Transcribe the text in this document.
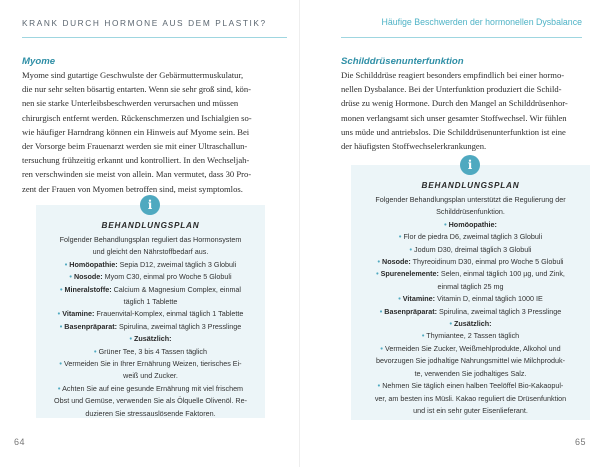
KRANK DURCH HORMONE AUS DEM PLASTIK?
Myome
Myome sind gutartige Geschwulste der Gebärmuttermuskulatur,
die nur sehr selten bösartig entarten. Wenn sie sehr groß sind, kön-
nen sie starke Unterleibsbeschwerden verursachen und müssen
chirurgisch entfernt werden. Rückenschmerzen und Ischialgien so-
wie häufiger Harndrang können ein Hinweis auf Myome sein. Bei
der Vorsorge beim Frauenarzt werden sie mit einer Ultraschallun-
tersuchung frühzeitig erkannt und kontrolliert. In den Wechseljah-
ren verschwinden sie meist von allein. Man vermutet, dass 30 Pro-
zent der Frauen von Myomen betroffen sind, meist symptomlos.
i
BEHANDLUNGSPLAN
Folgender Behandlungsplan reguliert das Hormonsystem
und gleicht den Nährstoffbedarf aus.
• Homöopathie: Sepia D12, zweimal täglich 3 Globuli
• Nosode: Myom C30, einmal pro Woche 5 Globuli
• Mineralstoffe: Calcium & Magnesium Complex, einmal
täglich 1 Tablette
• Vitamine: Frauenvital-Komplex, einmal täglich 1 Tablette
• Basenpräparat: Spirulina, zweimal täglich 3 Presslinge
• Zusätzlich:
• Grüner Tee, 3 bis 4 Tassen täglich
• Vermeiden Sie in Ihrer Ernährung Weizen, tierisches Ei-
weiß und Zucker.
• Achten Sie auf eine gesunde Ernährung mit viel frischem
Obst und Gemüse, verwenden Sie als Ölquelle Olivenöl. Re-
duzieren Sie stressauslösende Faktoren.
64
Häufige Beschwerden der hormonellen Dysbalance
Schilddrüsenunterfunktion
Die Schilddrüse reagiert besonders empfindlich bei einer hormo-
nellen Dysbalance. Bei der Unterfunktion produziert die Schild-
drüse zu wenig Hormone. Durch den Mangel an Schilddrüsenhor-
monen verlangsamt sich unser gesamter Stoffwechsel. Wir fühlen
uns müde und antriebslos. Die Schilddrüsenunterfunktion ist eine
der häufigsten Stoffwechselerkrankungen.
i
BEHANDLUNGSPLAN
Folgender Behandlungsplan unterstützt die Regulierung der
Schilddrüsenfunktion.
• Homöopathie:
• Flor de piedra D6, zweimal täglich 3 Globuli
• Jodum D30, dreimal täglich 3 Globuli
• Nosode: Thyreoidinum D30, einmal pro Woche 5 Globuli
• Spurenelemente: Selen, einmal täglich 100 µg, und Zink,
einmal täglich 25 mg
• Vitamine: Vitamin D, einmal täglich 1000 IE
• Basenpräparat: Spirulina, zweimal täglich 3 Presslinge
• Zusätzlich:
• Thymiantee, 2 Tassen täglich
• Vermeiden Sie Zucker, Weißmehlprodukte, Alkohol und
bevorzugen Sie jodhaltige Nahrungsmittel wie Milchproduk-
te, verwenden Sie jodhaltiges Salz.
• Nehmen Sie täglich einen halben Teelöffel Bio-Kakaopul-
ver, am besten ins Müsli. Kakao reguliert die Drüsenfunktion
und ist ein sehr guter Eisenlieferant.
65
